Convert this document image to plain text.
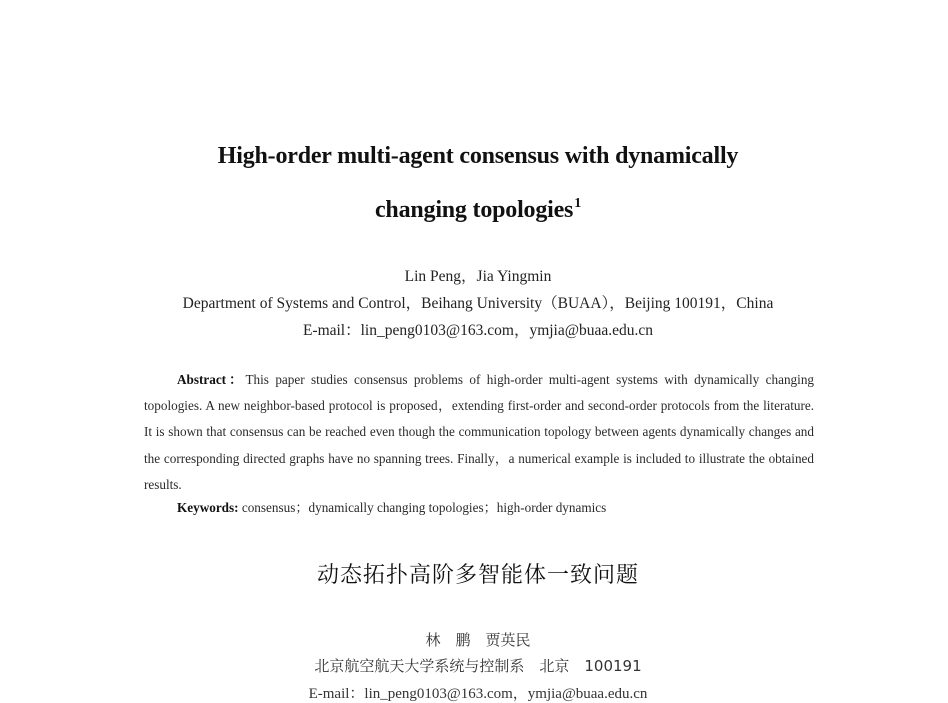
High-order multi-agent consensus with dynamically
changing topologies$^1$
Lin Peng，Jia Yingmin
Department of Systems and Control，Beihang University（BUAA），Beijing 100191，China
E-mail：lin_peng0103@163.com，ymjia@buaa.edu.cn

Abstract：This paper studies consensus problems of high-order multi-agent systems with dynamically changing topologies. A new neighbor-based protocol is proposed，extending first-order and second-order protocols from the literature. It is shown that consensus can be reached even though the communication topology between agents dynamically changes and the corresponding directed graphs have no spanning trees. Finally，a numerical example is included to illustrate the obtained results.

Keywords: consensus；dynamically changing topologies；high-order dynamics
动态拓扑高阶多智能体一致问题
林　鹏　贾英民
北京航空航天大学系统与控制系　北京　100191
E-mail：lin_peng0103@163.com，ymjia@buaa.edu.cn
